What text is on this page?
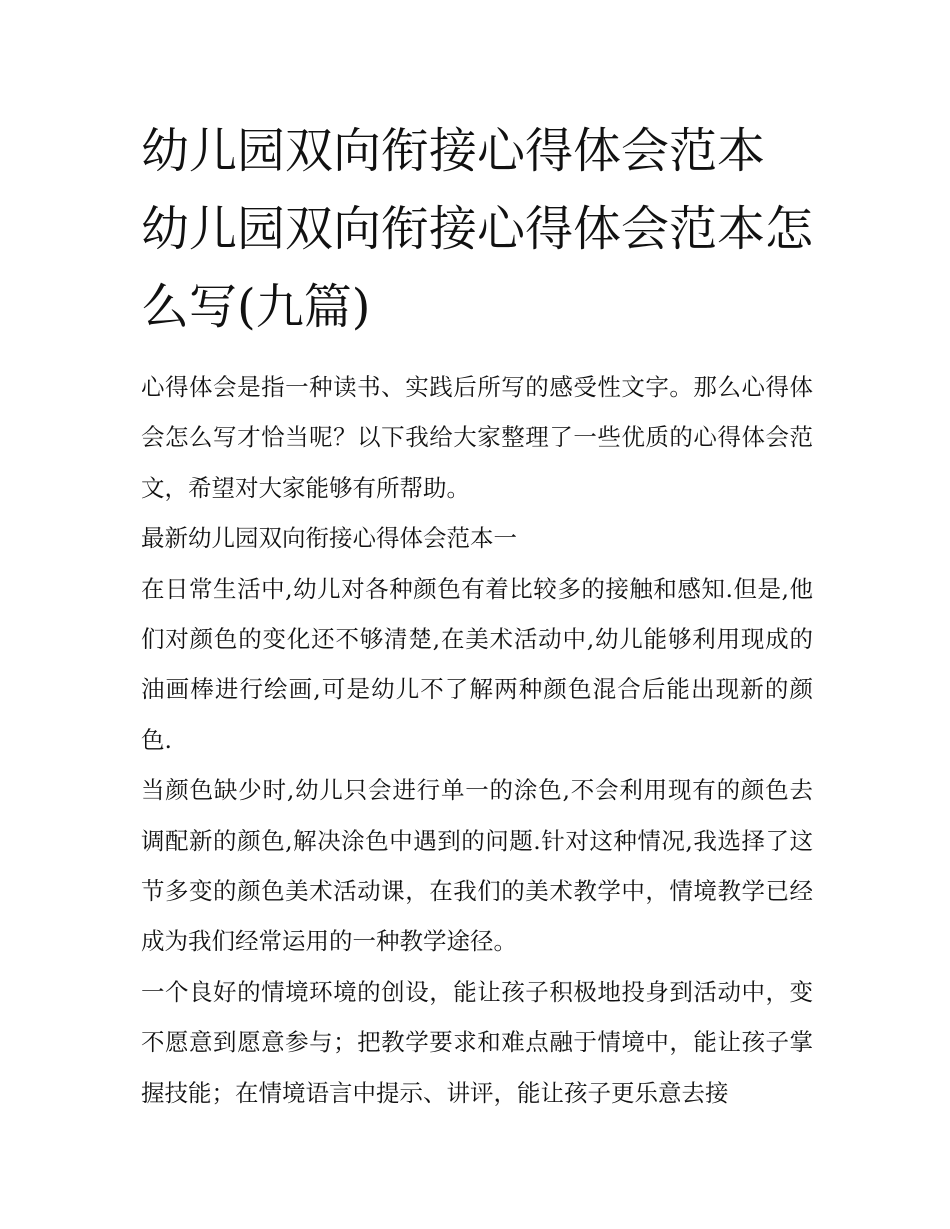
幼儿园双向衔接心得体会范本 幼儿园双向衔接心得体会范本怎么写(九篇)

心得体会是指一种读书、实践后所写的感受性文字。那么心得体会怎么写才恰当呢？以下我给大家整理了一些优质的心得体会范文，希望对大家能够有所帮助。

最新幼儿园双向衔接心得体会范本一

在日常生活中,幼儿对各种颜色有着比较多的接触和感知.但是,他们对颜色的变化还不够清楚,在美术活动中,幼儿能够利用现成的油画棒进行绘画,可是幼儿不了解两种颜色混合后能出现新的颜色.

当颜色缺少时,幼儿只会进行单一的涂色,不会利用现有的颜色去调配新的颜色,解决涂色中遇到的问题.针对这种情况,我选择了这节多变的颜色美术活动课，在我们的美术教学中，情境教学已经成为我们经常运用的一种教学途径。

一个良好的情境环境的创设，能让孩子积极地投身到活动中，变不愿意到愿意参与；把教学要求和难点融于情境中，能让孩子掌握技能；在情境语言中提示、讲评，能让孩子更乐意去接
